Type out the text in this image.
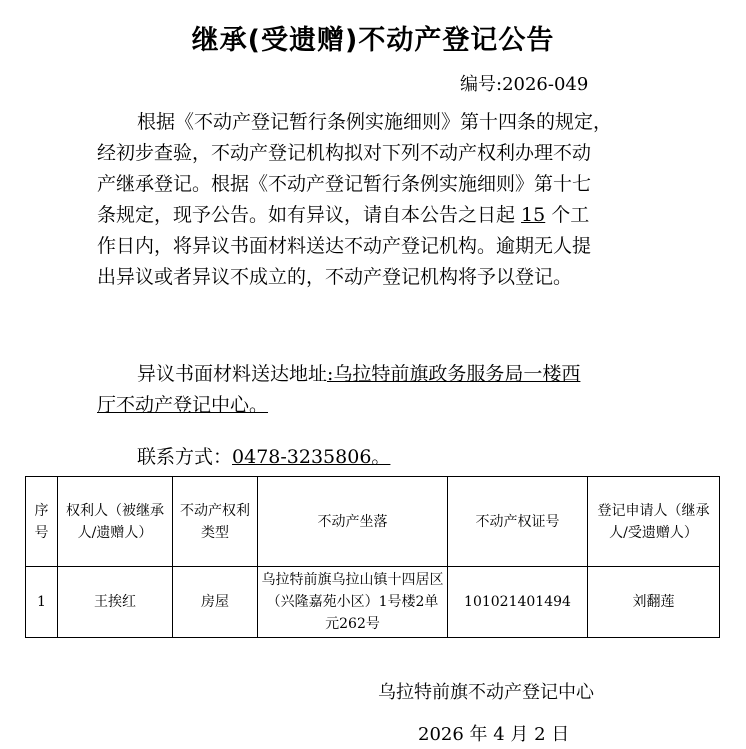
继承(受遗赠)不动产登记公告
编号:2026-049
根据《不动产登记暂行条例实施细则》第十四条的规定，
经初步查验，不动产登记机构拟对下列不动产权利办理不动
产继承登记。根据《不动产登记暂行条例实施细则》第十七
条规定，现予公告。如有异议，请自本公告之日起 15 个工
作日内，将异议书面材料送达不动产登记机构。逾期无人提
出异议或者异议不成立的，不动产登记机构将予以登记。
异议书面材料送达地址:乌拉特前旗政务服务局一楼西
厅不动产登记中心。
联系方式：0478-3235806。
序号	权利人（被继承人/遗赠人）	不动产权利类型	不动产坐落	不动产权证号	登记申请人（继承人/受遗赠人）
1	王挨红	房屋	乌拉特前旗乌拉山镇十四居区（兴隆嘉苑小区）1号楼2单元262号	101021401494	刘翻莲
乌拉特前旗不动产登记中心
2026 年 4 月 2 日
